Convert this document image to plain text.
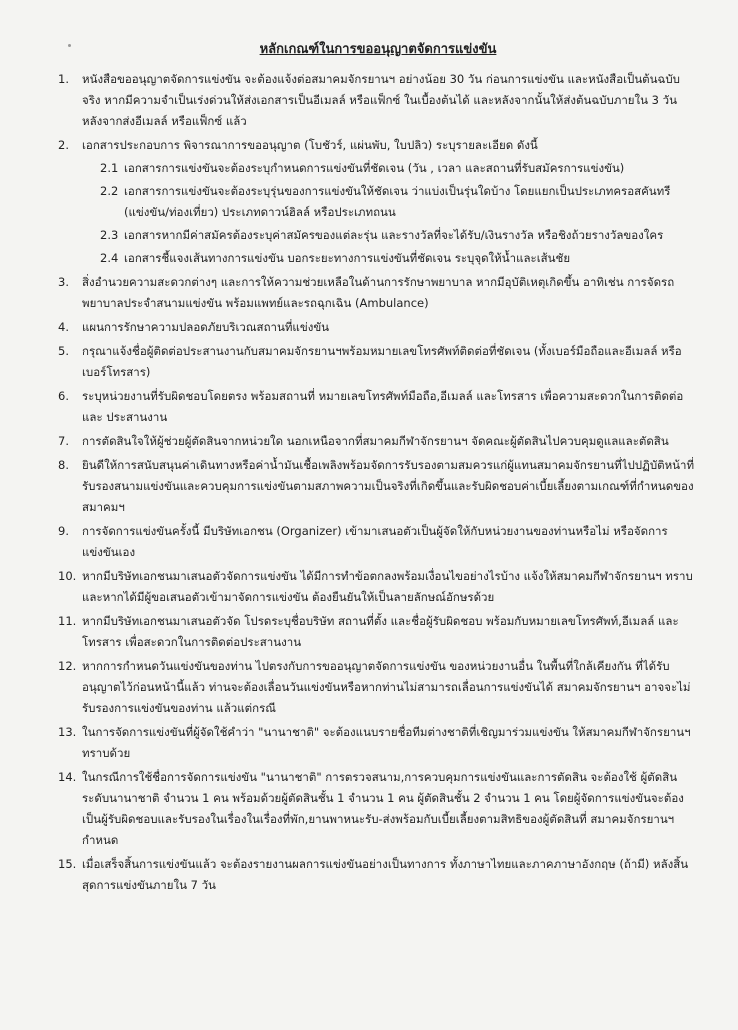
หลักเกณฑ์ในการขออนุญาตจัดการแข่งขัน
1.	หนังสือขออนุญาตจัดการแข่งขัน จะต้องแจ้งต่อสมาคมจักรยานฯ อย่างน้อย 30 วัน ก่อนการแข่งขัน และหนังสือเป็นต้นฉบับจริง หากมีความจำเป็นเร่งด่วนให้ส่งเอกสารเป็นอีเมลล์ หรือแฟ็กซ์ ในเบื้องต้นได้ และหลังจากนั้นให้ส่งต้นฉบับภายใน 3 วัน หลังจากส่งอีเมลล์ หรือแฟ็กซ์ แล้ว
2.	เอกสารประกอบการ พิจารณาการขออนุญาต (โบชัวร์, แผ่นพับ, ใบปลิว) ระบุรายละเอียด ดังนี้
2.1 เอกสารการแข่งขันจะต้องระบุกำหนดการแข่งขันที่ชัดเจน (วัน , เวลา และสถานที่รับสมัครการแข่งขัน)
2.2 เอกสารการแข่งขันจะต้องระบุรุ่นของการแข่งขันให้ชัดเจน ว่าแบ่งเป็นรุ่นใดบ้าง โดยแยกเป็นประเภทครอสคันทรี (แข่งขัน/ท่องเที่ยว) ประเภทดาวน์ฮิลล์ หรือประเภทถนน
2.3 เอกสารหากมีค่าสมัครต้องระบุค่าสมัครของแต่ละรุ่น และรางวัลที่จะได้รับ/เงินรางวัล หรือชิงถ้วยรางวัลของใคร
2.4 เอกสารชี้แจงเส้นทางการแข่งขัน บอกระยะทางการแข่งขันที่ชัดเจน ระบุจุดให้น้ำและเส้นชัย
3.	สิ่งอำนวยความสะดวกต่างๆ และการให้ความช่วยเหลือในด้านการรักษาพยาบาล หากมีอุบัติเหตุเกิดขึ้น อาทิเช่น การจัดรถพยาบาลประจำสนามแข่งขัน พร้อมแพทย์และรถฉุกเฉิน (Ambulance)
4.	แผนการรักษาความปลอดภัยบริเวณสถานที่แข่งขัน
5.	กรุณาแจ้งชื่อผู้ติดต่อประสานงานกับสมาคมจักรยานฯพร้อมหมายเลขโทรศัพท์ติดต่อที่ชัดเจน (ทั้งเบอร์มือถือและอีเมลล์ หรือเบอร์โทรสาร)
6.	ระบุหน่วยงานที่รับผิดชอบโดยตรง พร้อมสถานที่ หมายเลขโทรศัพท์มือถือ,อีเมลล์ และโทรสาร เพื่อความสะดวกในการติดต่อและ ประสานงาน
7.	การตัดสินใจให้ผู้ช่วยผู้ตัดสินจากหน่วยใด นอกเหนือจากที่สมาคมกีฬาจักรยานฯ จัดคณะผู้ตัดสินไปควบคุมดูแลและตัดสิน
8.	ยินดีให้การสนับสนุนค่าเดินทางหรือค่าน้ำมันเชื้อเพลิงพร้อมจัดการรับรองตามสมควรแก่ผู้แทนสมาคมจักรยานที่ไปปฏิบัติหน้าที่รับรองสนามแข่งขันและควบคุมการแข่งขันตามสภาพความเป็นจริงที่เกิดขึ้นและรับผิดชอบค่าเบี้ยเลี้ยงตามเกณฑ์ที่กำหนดของสมาคมฯ
9.	การจัดการแข่งขันครั้งนี้ มีบริษัทเอกชน (Organizer) เข้ามาเสนอตัวเป็นผู้จัดให้กับหน่วยงานของท่านหรือไม่ หรือจัดการแข่งขันเอง
10. หากมีบริษัทเอกชนมาเสนอตัวจัดการแข่งขัน ได้มีการทำข้อตกลงพร้อมเงื่อนไขอย่างไรบ้าง แจ้งให้สมาคมกีฬาจักรยานฯ ทราบ และหากได้มีผู้ขอเสนอตัวเข้ามาจัดการแข่งขัน ต้องยืนยันให้เป็นลายลักษณ์อักษรด้วย
11. หากมีบริษัทเอกชนมาเสนอตัวจัด โปรดระบุชื่อบริษัท สถานที่ตั้ง และชื่อผู้รับผิดชอบ พร้อมกับหมายเลขโทรศัพท์,อีเมลล์ และโทรสาร เพื่อสะดวกในการติดต่อประสานงาน
12. หากการกำหนดวันแข่งขันของท่าน ไปตรงกับการขออนุญาตจัดการแข่งขัน ของหน่วยงานอื่น ในพื้นที่ใกล้เคียงกัน ที่ได้รับอนุญาตไว้ก่อนหน้านี้แล้ว ท่านจะต้องเลื่อนวันแข่งขันหรือหากท่านไม่สามารถเลื่อนการแข่งขันได้ สมาคมจักรยานฯ อาจจะไม่รับรองการแข่งขันของท่าน แล้วแต่กรณี
13. ในการจัดการแข่งขันที่ผู้จัดใช้คำว่า "นานาชาติ" จะต้องแนบรายชื่อทีมต่างชาติที่เชิญมาร่วมแข่งขัน ให้สมาคมกีฬาจักรยานฯ ทราบด้วย
14. ในกรณีการใช้ชื่อการจัดการแข่งขัน "นานาชาติ" การตรวจสนาม,การควบคุมการแข่งขันและการตัดสิน จะต้องใช้ ผู้ตัดสินระดับนานาชาติ จำนวน 1 คน พร้อมด้วยผู้ตัดสินชั้น 1 จำนวน 1 คน ผู้ตัดสินชั้น 2 จำนวน 1 คน โดยผู้จัดการแข่งขันจะต้องเป็นผู้รับผิดชอบและรับรองในเรื่องในเรื่องที่พัก,ยานพาหนะรับ-ส่งพร้อมกับเบี้ยเลี้ยงตามสิทธิของผู้ตัดสินที่ สมาคมจักรยานฯ กำหนด
15. เมื่อเสร็จสิ้นการแข่งขันแล้ว จะต้องรายงานผลการแข่งขันอย่างเป็นทางการ ทั้งภาษาไทยและภาคภาษาอังกฤษ (ถ้ามี) หลังสิ้นสุดการแข่งขันภายใน 7 วัน
